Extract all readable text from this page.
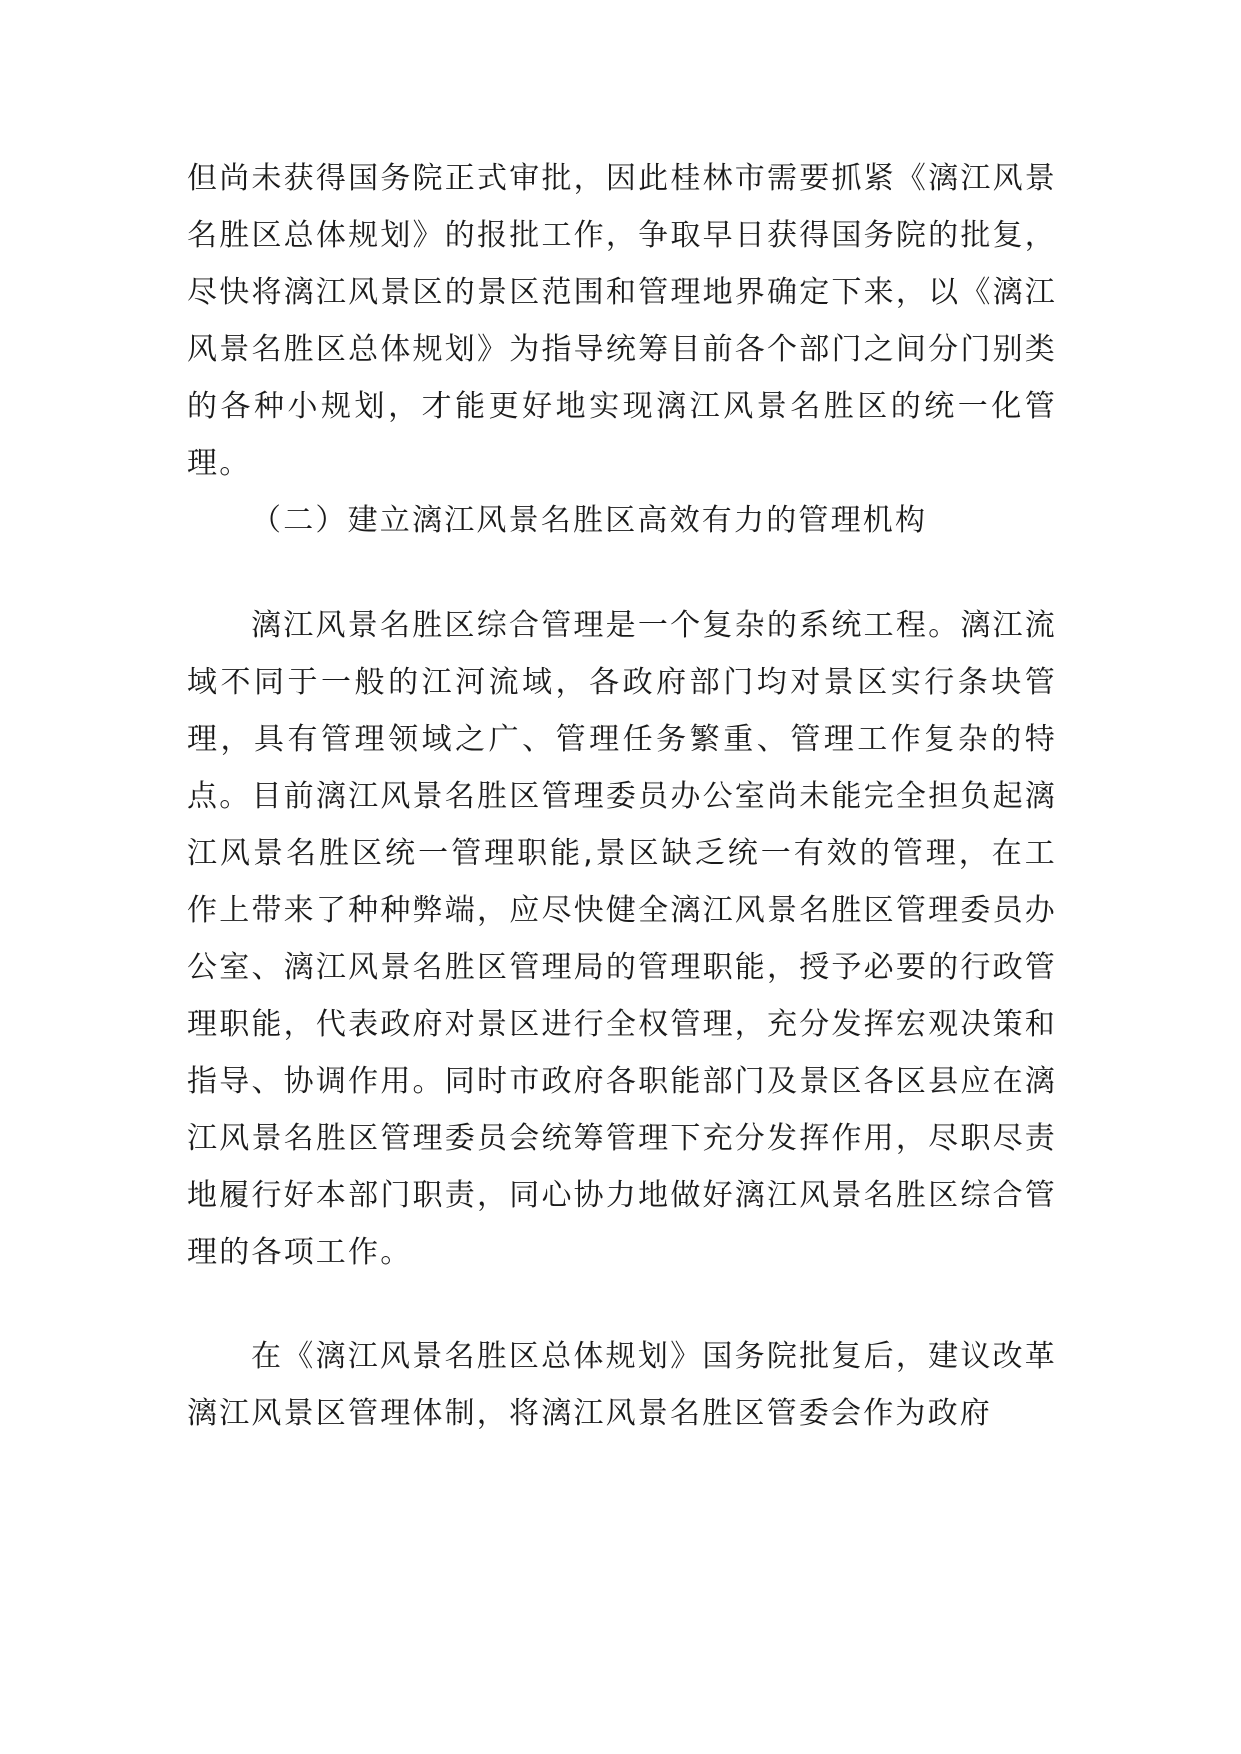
但尚未获得国务院正式审批，因此桂林市需要抓紧《漓江风景名胜区总体规划》的报批工作，争取早日获得国务院的批复，尽快将漓江风景区的景区范围和管理地界确定下来，以《漓江风景名胜区总体规划》为指导统筹目前各个部门之间分门别类的各种小规划，才能更好地实现漓江风景名胜区的统一化管理。

（二）建立漓江风景名胜区高效有力的管理机构

漓江风景名胜区综合管理是一个复杂的系统工程。漓江流域不同于一般的江河流域，各政府部门均对景区实行条块管理，具有管理领域之广、管理任务繁重、管理工作复杂的特点。目前漓江风景名胜区管理委员办公室尚未能完全担负起漓江风景名胜区统一管理职能,景区缺乏统一有效的管理，在工作上带来了种种弊端，应尽快健全漓江风景名胜区管理委员办公室、漓江风景名胜区管理局的管理职能，授予必要的行政管理职能，代表政府对景区进行全权管理，充分发挥宏观决策和指导、协调作用。同时市政府各职能部门及景区各区县应在漓江风景名胜区管理委员会统筹管理下充分发挥作用，尽职尽责地履行好本部门职责，同心协力地做好漓江风景名胜区综合管理的各项工作。

在《漓江风景名胜区总体规划》国务院批复后，建议改革漓江风景区管理体制，将漓江风景名胜区管委会作为政府
